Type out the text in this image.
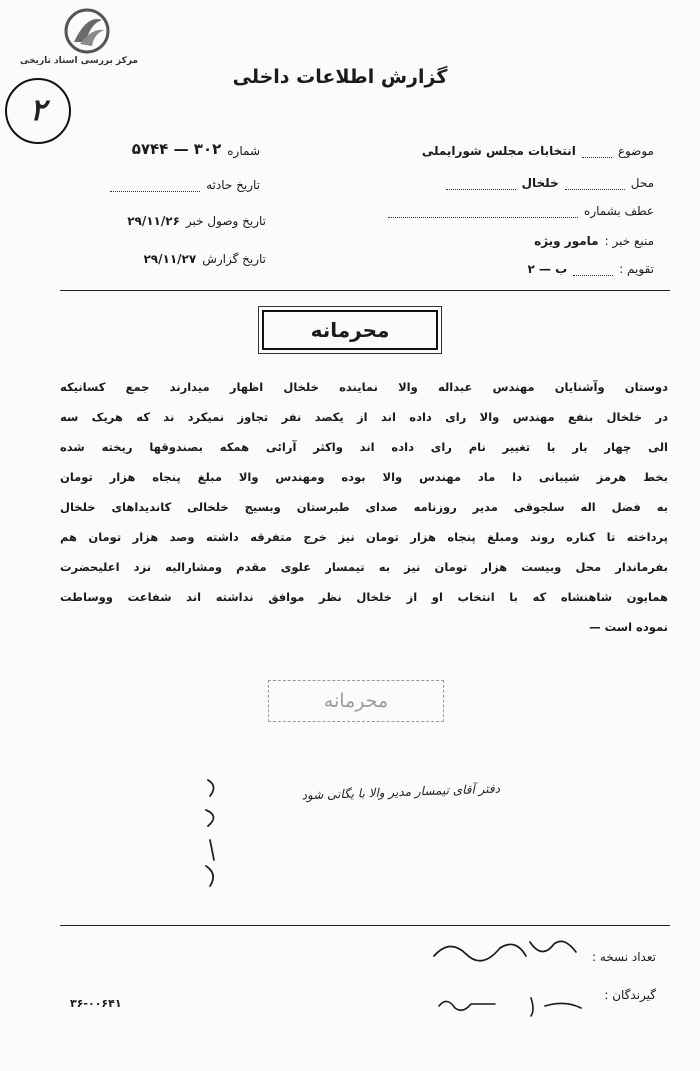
مرکز بررسی اسناد تاریخی
۲
گزارش اطلاعات داخلی
موضوع
انتخابات مجلس شورایملی
محل
خلخال
عطف بشماره
منبع خبر :
مامور ویژه
تقویم :
ب — ۲
شماره
۳۰۲ — ۵۷۴۴
تاریخ حادثه
تاریخ وصول خبر
۲۹/۱۱/۲۶
تاریخ گزارش
۲۹/۱۱/۲۷
محرمانه
دوستان وآشنایان مهندس عبداله والا نماینده خلخال اظهار میدارند جمع کسانیکه
در خلخال بنفع مهندس والا رای داده اند از یکصد نفر تجاوز نمیکرد ند که هریک سه
الی چهار بار با تغییر نام رای داده اند واکثر آرائی همکه بصندوقها ریخته شده
بخط هرمز شیبانی دا ماد مهندس والا بوده ومهندس والا مبلغ پنجاه هزار تومان
به فضل اله سلجوقی مدیر روزنامه صدای طبرستان وبسیج خلخالی کاندیداهای خلخال
پرداخته تا کناره روند ومبلغ پنجاه هزار تومان نیز خرج متفرقه داشته وصد هزار تومان هم
بفرماندار محل وبیست هزار تومان نیز به تیمسار علوی مقدم ومشارالیه نزد اعلیحضرت
همایون شاهنشاه که با انتخاب او از خلخال نظر موافق نداشته اند شفاعت ووساطت
نموده است —
محرمانه
دفتر آقای تیمسار مدیر والا با یگانی شود
تعداد نسخه :
گیرندگان :
۳۶-۰۰۶۴۱
